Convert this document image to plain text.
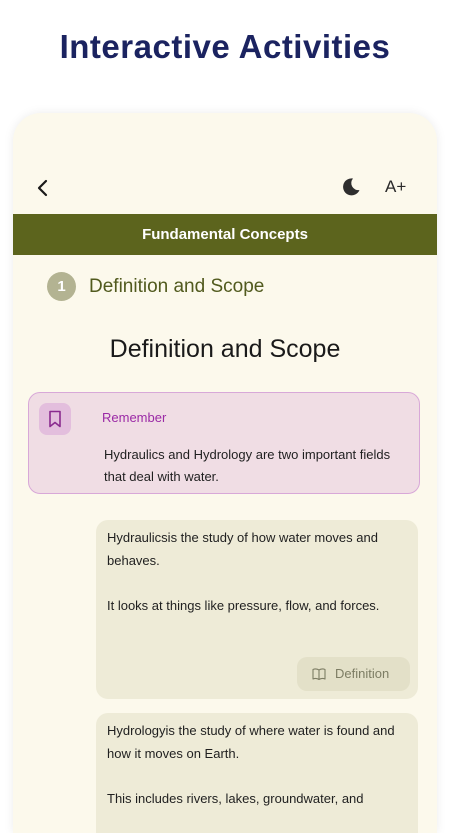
Interactive Activities
A+
Fundamental Concepts
1	Definition and Scope
Definition and Scope
Remember
Hydraulics and Hydrology are two important fields that deal with water.

Hydraulicsis the study of how water moves and behaves.

It looks at things like pressure, flow, and forces.

Definition

Hydrologyis the study of where water is found and how it moves on Earth.

This includes rivers, lakes, groundwater, and
